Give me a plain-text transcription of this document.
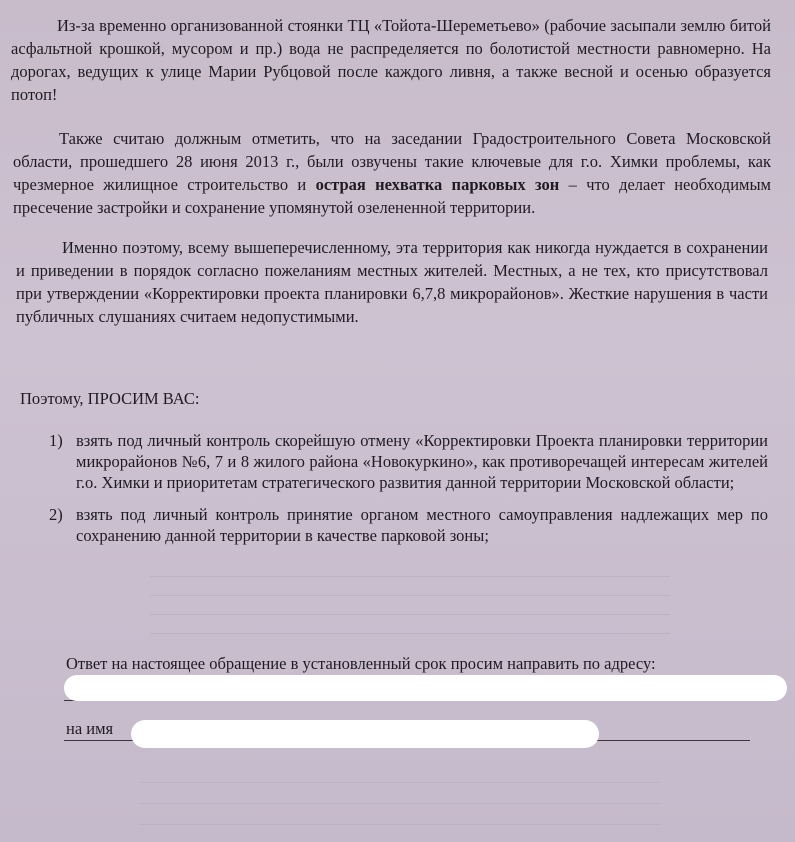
Из-за временно организованной стоянки ТЦ «Тойота-Шереметьево» (рабочие засыпали землю битой асфальтной крошкой, мусором и пр.) вода не распределяется по болотистой местности равномерно. На дорогах, ведущих к улице Марии Рубцовой после каждого ливня, а также весной и осенью образуется потоп!

Также считаю должным отметить, что на заседании Градостроительного Совета Московской области, прошедшего 28 июня 2013 г., были озвучены такие ключевые для г.о. Химки проблемы, как чрезмерное жилищное строительство и острая нехватка парковых зон – что делает необходимым пресечение застройки и сохранение упомянутой озелененной территории.

Именно поэтому, всему вышеперечисленному, эта территория как никогда нуждается в сохранении и приведении в порядок согласно пожеланиям местных жителей. Местных, а не тех, кто присутствовал при утверждении «Корректировки проекта планировки 6,7,8 микрорайонов». Жесткие нарушения в части публичных слушаниях считаем недопустимыми.

Поэтому, ПРОСИМ ВАС:

1) взять под личный контроль скорейшую отмену «Корректировки Проекта планировки территории микрорайонов №6, 7 и 8 жилого района «Новокуркино», как противоречащей интересам жителей г.о. Химки и приоритетам стратегического развития данной территории Московской области;
2) взять под личный контроль принятие органом местного самоуправления надлежащих мер по сохранению данной территории в качестве парковой зоны;

Ответ на настоящее обращение в установленный срок просим направить по адресу:

на имя
